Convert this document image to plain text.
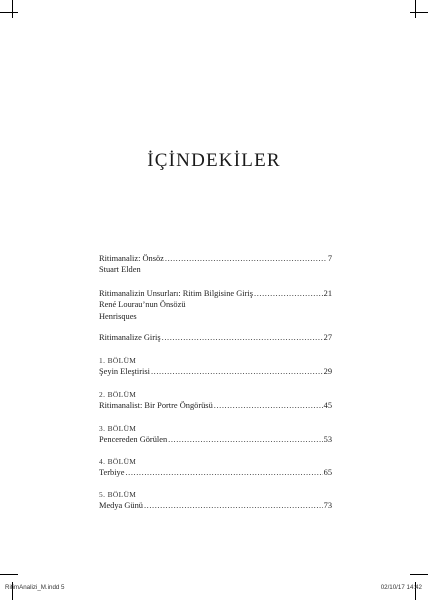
İÇİNDEKİLER
Ritimanaliz: Önsöz .....	7
Stuart Elden
Ritimanalizin Unsurları: Ritim Bilgisine Giriş .....	21
René Lourau’nun Önsözü
Henrisques
Ritimanalize Giriş .....	27
1. BÖLÜM
Şeyin Eleştirisi .....	29
2. BÖLÜM
Ritimanalist: Bir Portre Öngörüsü .....	45
3. BÖLÜM
Pencereden Görülen .....	53
4. BÖLÜM
Terbiye .....	65
5. BÖLÜM
Medya Günü .....	73
RitimAnalizi_M.indd 5	02/10/17 14:42
